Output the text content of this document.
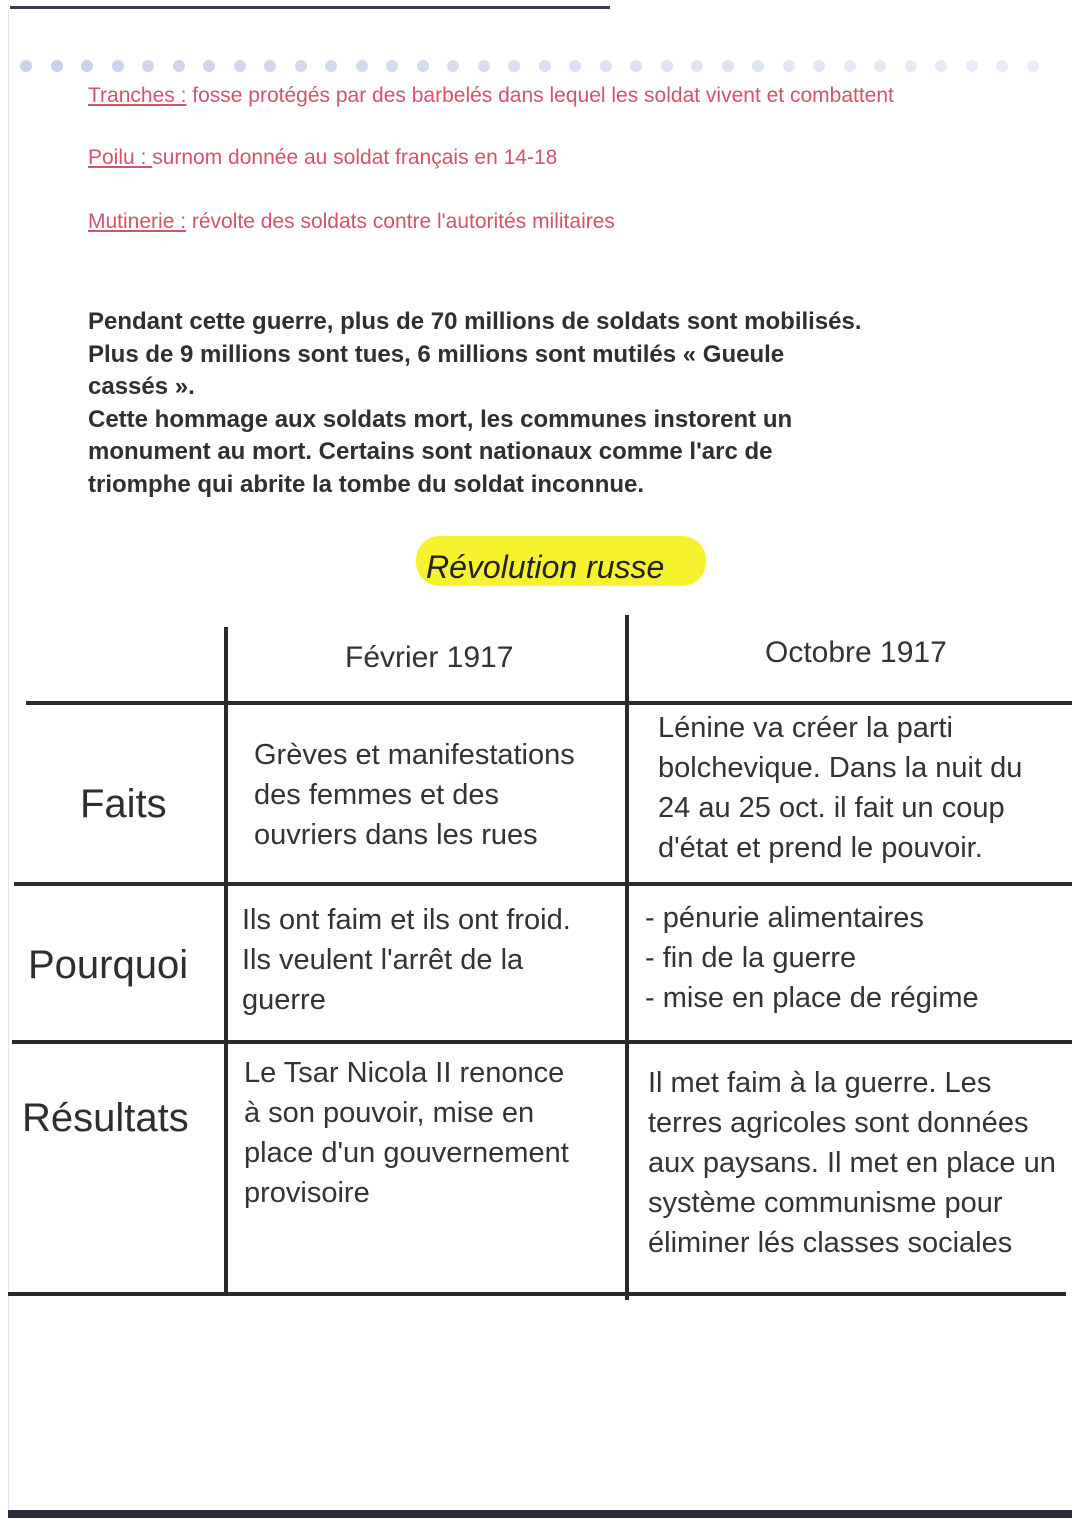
Tranches : fosse protégés par des barbelés dans lequel les soldat vivent et combattent
Poilu : surnom donnée au soldat français en 14-18
Mutinerie : révolte des soldats contre l'autorités militaires
Pendant cette guerre, plus de 70 millions de soldats sont mobilisés.
Plus de 9 millions sont tues, 6 millions sont mutilés « Gueule
cassés ».
Cette hommage aux soldats mort, les communes instorent un
monument au mort. Certains sont nationaux comme l'arc de
triomphe qui abrite la tombe du soldat inconnue.
Révolution russe
Février 1917	Octobre 1917
Faits
Pourquoi
Résultats
Grèves et manifestations
des femmes et des
ouvriers dans les rues
Lénine va créer la parti
bolchevique. Dans la nuit du
24 au 25 oct. il fait un coup
d'état et prend le pouvoir.
Ils ont faim et ils ont froid.
Ils veulent l'arrêt de la
guerre
- pénurie alimentaires
- fin de la guerre
- mise en place de régime
Le Tsar Nicola II renonce
à son pouvoir, mise en
place d'un gouvernement
provisoire
Il met faim à la guerre. Les
terres agricoles sont données
aux paysans. Il met en place un
système communisme pour
éliminer lés classes sociales
